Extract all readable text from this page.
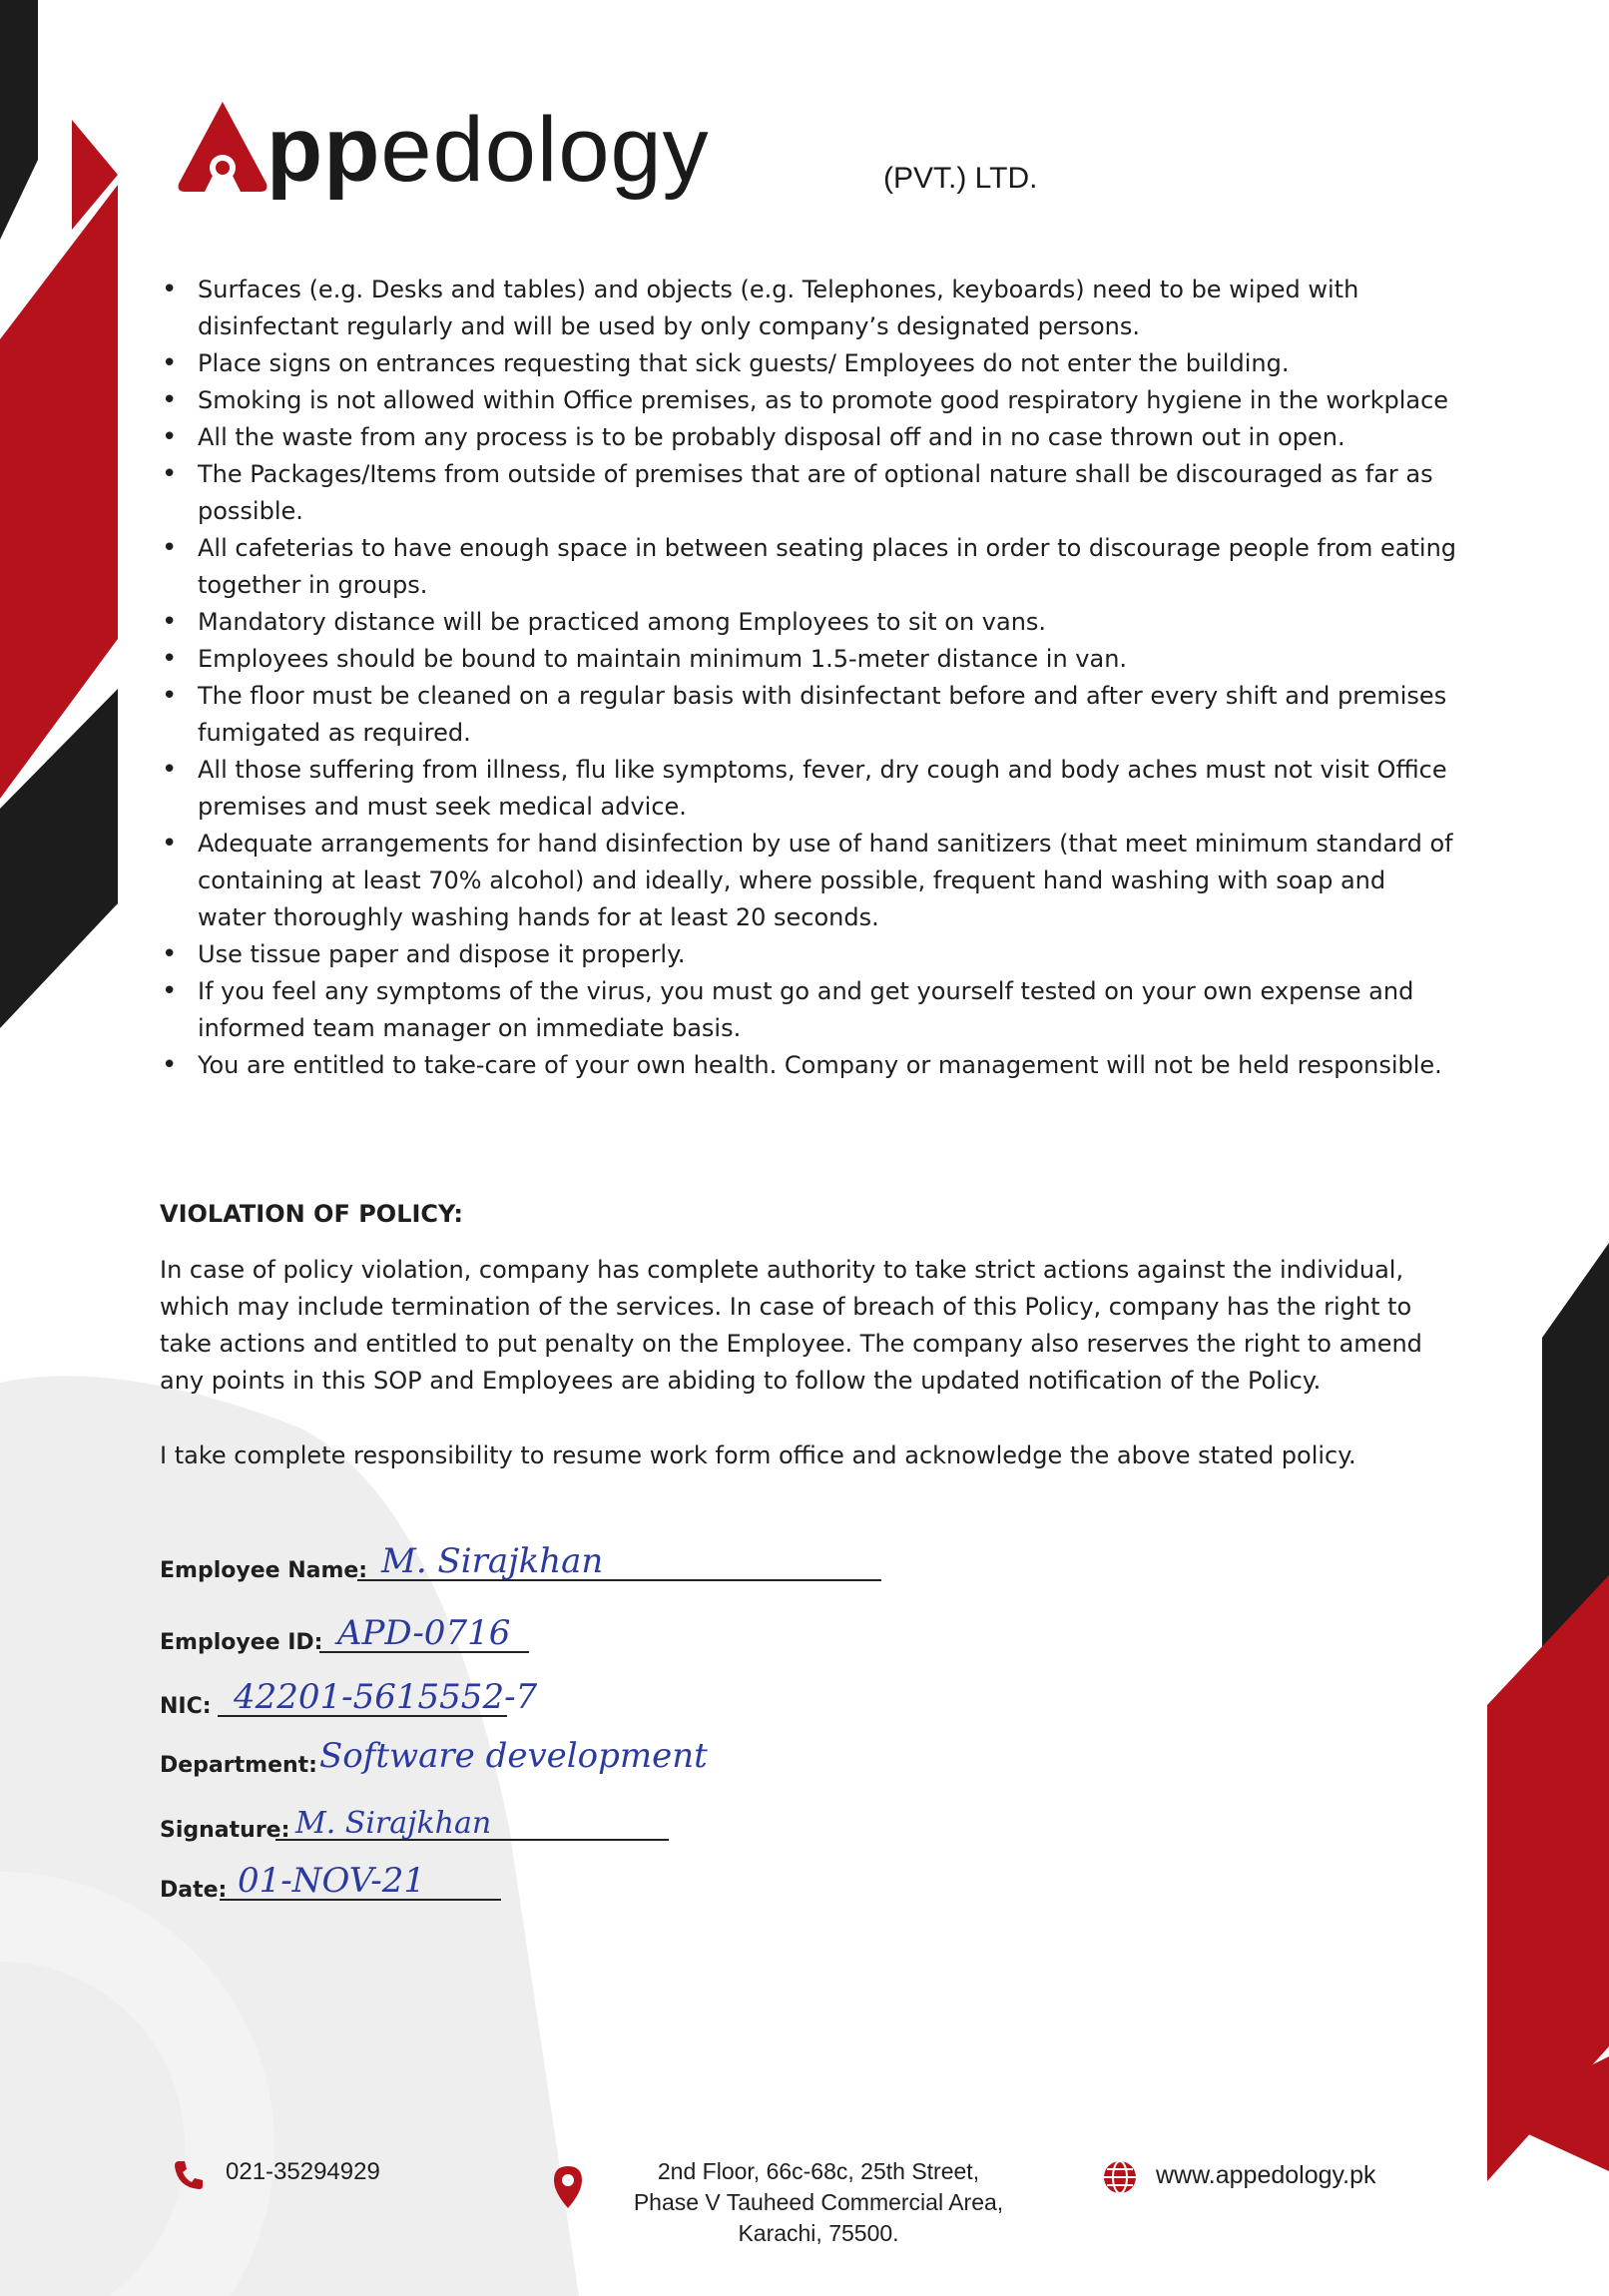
ppedology	(PVT.) LTD.
• Surfaces (e.g. Desks and tables) and objects (e.g. Telephones, keyboards) need to be wiped with disinfectant regularly and will be used by only company’s designated persons.
• Place signs on entrances requesting that sick guests/ Employees do not enter the building.
• Smoking is not allowed within Office premises, as to promote good respiratory hygiene in the workplace
• All the waste from any process is to be probably disposal off and in no case thrown out in open.
• The Packages/Items from outside of premises that are of optional nature shall be discouraged as far as possible.
• All cafeterias to have enough space in between seating places in order to discourage people from eating together in groups.
• Mandatory distance will be practiced among Employees to sit on vans.
• Employees should be bound to maintain minimum 1.5-meter distance in van.
• The floor must be cleaned on a regular basis with disinfectant before and after every shift and premises fumigated as required.
• All those suffering from illness, flu like symptoms, fever, dry cough and body aches must not visit Office premises and must seek medical advice.
• Adequate arrangements for hand disinfection by use of hand sanitizers (that meet minimum standard of containing at least 70% alcohol) and ideally, where possible, frequent hand washing with soap and water thoroughly washing hands for at least 20 seconds.
• Use tissue paper and dispose it properly.
• If you feel any symptoms of the virus, you must go and get yourself tested on your own expense and informed team manager on immediate basis.
• You are entitled to take-care of your own health. Company or management will not be held responsible.
VIOLATION OF POLICY:

In case of policy violation, company has complete authority to take strict actions against the individual, which may include termination of the services. In case of breach of this Policy, company has the right to take actions and entitled to put penalty on the Employee. The company also reserves the right to amend any points in this SOP and Employees are abiding to follow the updated notification of the Policy.

I take complete responsibility to resume work form office and acknowledge the above stated policy.

Employee Name: M. Sirajkhan
Employee ID: APD-0716
NIC: 42201-5615552-7
Department: Software development
Signature: M. Sirajkhan
Date: 01-NOV-21
021-35294929	2nd Floor, 66c-68c, 25th Street,
Phase V Tauheed Commercial Area,
Karachi, 75500.
www.appedology.pk
